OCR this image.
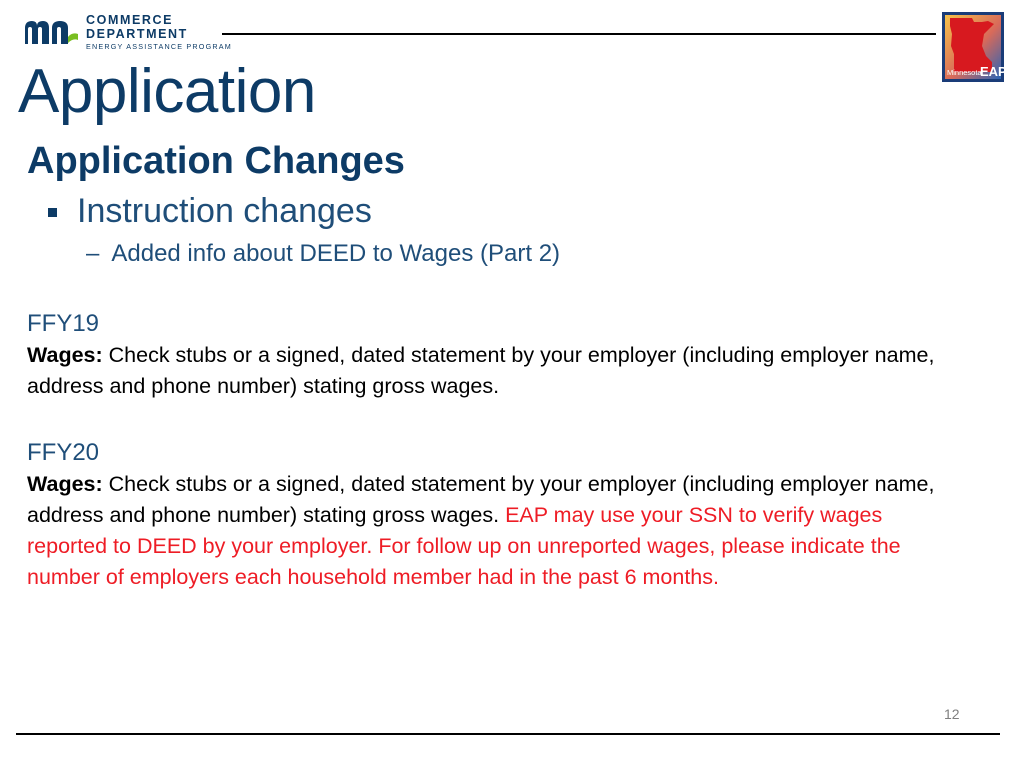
COMMERCE
DEPARTMENT
ENERGY ASSISTANCE PROGRAM
Minnesota
EAP
Application
Application Changes
Instruction changes
– Added info about DEED to Wages (Part 2)
FFY19
Wages: Check stubs or a signed, dated statement by your employer (including employer name, address and phone number) stating gross wages.
FFY20
Wages: Check stubs or a signed, dated statement by your employer (including employer name, address and phone number) stating gross wages. EAP may use your SSN to verify wages reported to DEED by your employer. For follow up on unreported wages, please indicate the number of employers each household member had in the past 6 months.
12
